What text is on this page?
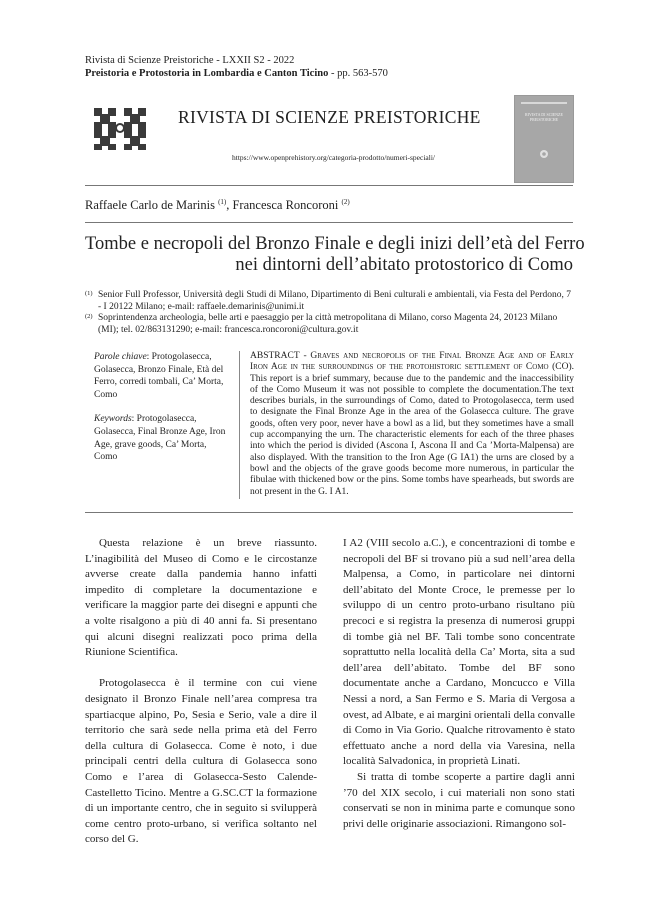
Rivista di Scienze Preistoriche - LXXII S2 - 2022
Preistoria e Protostoria in Lombardia e Canton Ticino - pp. 563-570
RIVISTA DI SCIENZE PREISTORICHE
https://www.openprehistory.org/categoria-prodotto/numeri-speciali/
RIVISTA DI SCIENZE PREISTORICHE
Raffaele Carlo de Marinis $^{(1)}$, Francesca Roncoroni $^{(2)}$
Tombe e necropoli del Bronzo Finale e degli inizi dell’età del Ferro
nei dintorni dell’abitato protostorico di Como
(1) Senior Full Professor, Università degli Studi di Milano, Dipartimento di Beni culturali e ambientali, via Festa del Perdono, 7 - I 20122 Milano; e-mail: raffaele.demarinis@unimi.it
(2) Soprintendenza archeologia, belle arti e paesaggio per la città metropolitana di Milano, corso Magenta 24, 20123 Milano (MI); tel. 02/863131290; e-mail: francesca.roncoroni@cultura.gov.it

Parole chiave: Protogolasecca, Golasecca, Bronzo Finale, Età del Ferro, corredi tombali, Ca’ Morta, Como

Keywords: Protogolasecca, Golasecca, Final Bronze Age, Iron Age, grave goods, Ca’ Morta, Como

ABSTRACT - Graves and necropolis of the Final Bronze Age and of Early Iron Age in the surroundings of the protohistoric settlement of Como (CO). This report is a brief summary, because due to the pandemic and the inaccessibility of the Como Museum it was not possible to complete the documentation.The text describes burials, in the surroundings of Como, dated to Protogolasecca, term used to designate the Final Bronze Age in the area of the Golasecca culture. The grave goods, often very poor, never have a bowl as a lid, but they sometimes have a small cup accompanying the urn. The characteristic elements for each of the three phases into which the period is divided (Ascona I, Ascona II and Ca ’Morta-Malpensa) are also displayed. With the transition to the Iron Age (G IA1) the urns are closed by a bowl and the objects of the grave goods become more numerous, in particular the fibulae with thickened bow or the pins. Some tombs have spearheads, but swords are not present in the G. I A1.

Questa relazione è un breve riassunto. L’inagibilità del Museo di Como e le circostanze avverse create dalla pandemia hanno infatti impedito di completare la documentazione e verificare la maggior parte dei disegni e appunti che a volte risalgono a più di 40 anni fa. Si presentano qui alcuni disegni realizzati poco prima della Riunione Scientifica.

Protogolasecca è il termine con cui viene designato il Bronzo Finale nell’area compresa tra spartiacque alpino, Po, Sesia e Serio, vale a dire il territorio che sarà sede nella prima età del Ferro della cultura di Golasecca. Come è noto, i due principali centri della cultura di Golasecca sono Como e l’area di Golasecca-Sesto Calende-Castelletto Ticino. Mentre a G.SC.CT la formazione di un importante centro, che in seguito si svilupperà come centro proto-urbano, si verifica soltanto nel corso del G.

I A2 (VIII secolo a.C.), e concentrazioni di tombe e necropoli del BF si trovano più a sud nell’area della Malpensa, a Como, in particolare nei dintorni dell’abitato del Monte Croce, le premesse per lo sviluppo di un centro proto-urbano risultano più precoci e si registra la presenza di numerosi gruppi di tombe già nel BF. Tali tombe sono concentrate soprattutto nella località della Ca’ Morta, sita a sud dell’area dell’abitato. Tombe del BF sono documentate anche a Cardano, Moncucco e Villa Nessi a nord, a San Fermo e S. Maria di Vergosa a ovest, ad Albate, e ai margini orientali della convalle di Como in Via Gorio. Qualche ritrovamento è stato effettuato anche a nord della via Varesina, nella località Salvadonica, in proprietà Linati.

Si tratta di tombe scoperte a partire dagli anni ’70 del XIX secolo, i cui materiali non sono stati conservati se non in minima parte e comunque sono privi delle originarie associazioni. Rimangono sol-
